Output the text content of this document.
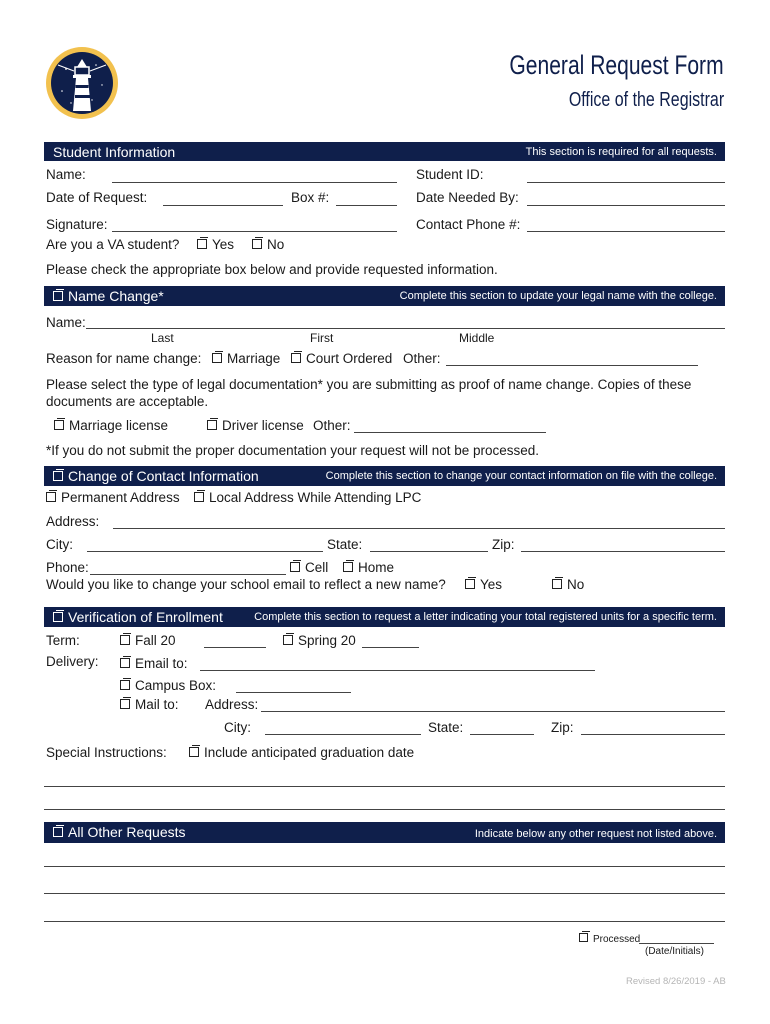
General Request Form
Office of the Registrar
Student Information	This section is required for all requests.
Name:	Student ID:
Date of Request:	Box #:	Date Needed By:
Signature:	Contact Phone #:
Are you a VA student?	Yes	No
Please check the appropriate box below and provide requested information.
Name Change*	Complete this section to update your legal name with the college.
Name:
Last	First	Middle
Reason for name change:	Marriage	Court Ordered Other:
Please select the type of legal documentation* you are submitting as proof of name change. Copies of these
documents are acceptable.
Marriage license	Driver license Other:
*If you do not submit the proper documentation your request will not be processed.
Change of Contact Information	Complete this section to change your contact information on file with the college.
Permanent Address	Local Address While Attending LPC
Address:
City:	State:	Zip:
Phone:	Cell	Home
Would you like to change your school email to reflect a new name?	Yes	No
Verification of Enrollment	Complete this section to request a letter indicating your total registered units for a specific term.
Term:	Fall 20	Spring 20
Delivery:	Email to:
Campus Box:
Mail to: Address:
City:	State:	Zip:
Special Instructions:	Include anticipated graduation date
All Other Requests	Indicate below any other request not listed above.
Processed
(Date/Initials)
Revised 8/26/2019 - AB
